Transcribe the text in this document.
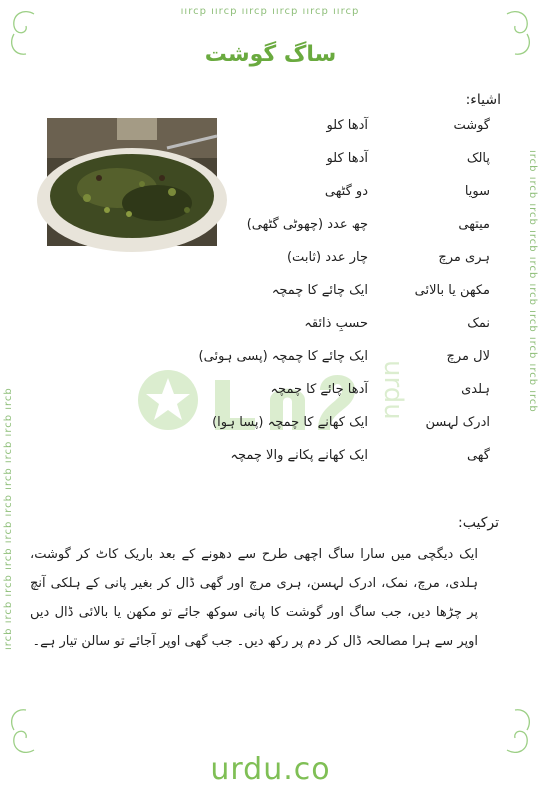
ıırcp ıırcp ıırcp ıırcp ıırcp ıırcp
ırcb ırcb ırcb ırcb ırcb ırcb ırcb ırcb ırcb ırcb
ırcb ırcb ırcb ırcb ırcb ırcb ırcb ırcb ırcb ırcb
ساگ گوشت
اشیاء:
urdu
گوشت
آدھا کلو
پالک
آدھا کلو
سویا
دو گٹھی
میتھی
چھ عدد (چھوٹی گٹھی)
ہری مرچ
چار عدد (ثابت)
مکھن یا بالائی
ایک چائے کا چمچہ
نمک
حسبِ ذائقہ
لال مرچ
ایک چائے کا چمچہ (پسی ہوئی)
ہلدی
آدھا چائے کا چمچہ
ادرک لہسن
ایک کھانے کا چمچہ (پسا ہوا)
گھی
ایک کھانے پکانے والا چمچہ
ترکیب:
ایک دیگچی میں سارا ساگ اچھی طرح سے دھونے کے بعد باریک کاٹ کر گوشت، ہلدی، مرچ، نمک، ادرک لہسن، ہری مرچ اور گھی ڈال کر بغیر پانی کے ہلکی آنچ پر چڑھا دیں، جب ساگ اور گوشت کا پانی سوکھ جائے تو مکھن یا بالائی ڈال دیں اوپر سے ہرا مصالحہ ڈال کر دم پر رکھ دیں۔ جب گھی اوپر آجائے تو سالن تیار ہے۔
urdu.co
